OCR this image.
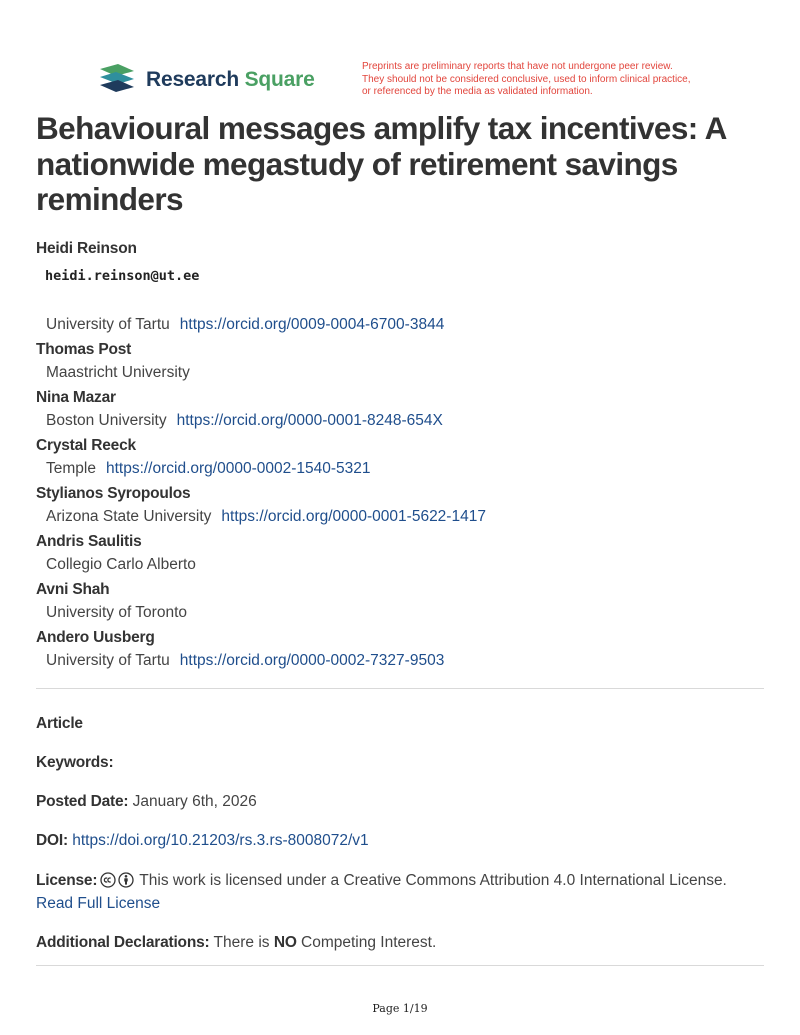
Research Square
Preprints are preliminary reports that have not undergone peer review.
They should not be considered conclusive, used to inform clinical practice,
or referenced by the media as validated information.
Behavioural messages amplify tax incentives: A nationwide megastudy of retirement savings reminders
Heidi Reinson
heidi.reinson@ut.ee
University of Tartu https://orcid.org/0009-0004-6700-3844
Thomas Post
Maastricht University
Nina Mazar
Boston University https://orcid.org/0000-0001-8248-654X
Crystal Reeck
Temple https://orcid.org/0000-0002-1540-5321
Stylianos Syropoulos
Arizona State University https://orcid.org/0000-0001-5622-1417
Andris Saulitis
Collegio Carlo Alberto
Avni Shah
University of Toronto
Andero Uusberg
University of Tartu https://orcid.org/0000-0002-7327-9503
Article
Keywords:
Posted Date: January 6th, 2026
DOI: https://doi.org/10.21203/rs.3.rs-8008072/v1
License:	This work is licensed under a Creative Commons Attribution 4.0 International License.
Read Full License
Additional Declarations: There is NO Competing Interest.
Page 1/19
